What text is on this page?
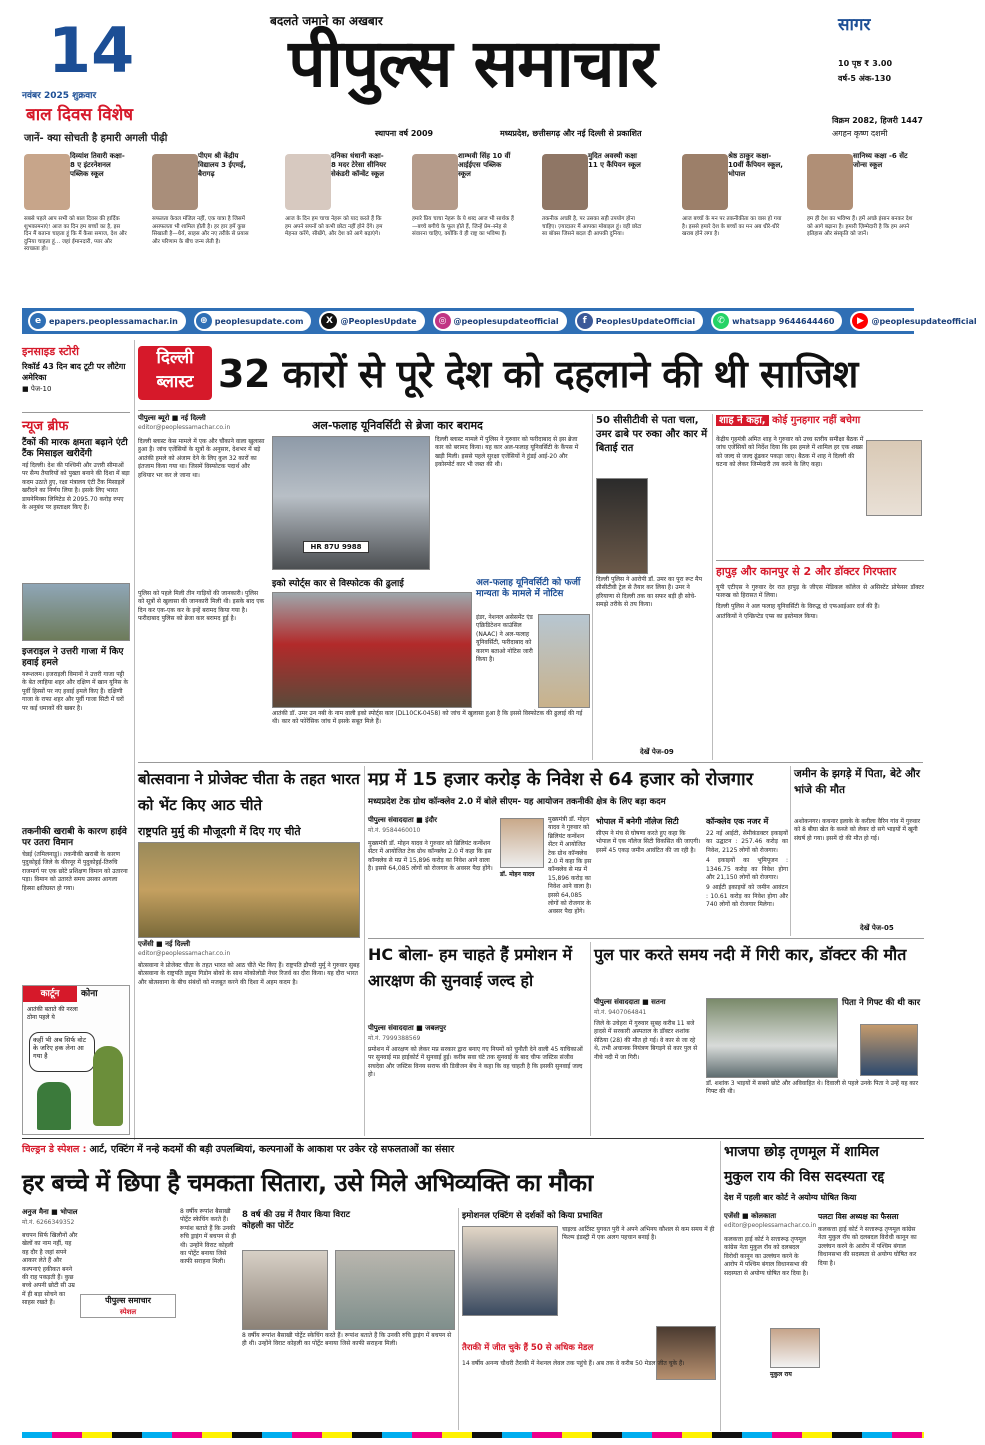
14
नवंबर 2025 शुक्रवार
बाल दिवस विशेष
जानें- क्या सोचती है हमारी अगली पीढ़ी
बदलते जमाने का अखबार
पीपुल्स समाचार
स्थापना वर्ष 2009	मध्यप्रदेश, छत्तीसगढ़ और नई दिल्ली से प्रकाशित
सागर
10 पृष्ठ ₹ 3.00
वर्ष-5 अंक-130
विक्रम 2082, हिजरी 1447
अगहन कृष्ण दशमी
दिव्यांश तिवारी कक्षा- 8 ए इंटरनेशनल पब्लिक स्कूल
सबसे पहले आप सभी को बाल दिवस की हार्दिक शुभकामनाएं! आज का दिन हम बच्चों का है, इस दिन मैं बताना चाहता हूं कि मैं कैसा समाज, देश और दुनिया चाहता हूं... जहां ईमानदारी, प्यार और स्वच्छता हो।
पीएम श्री केंद्रीय विद्यालय 3 ईएमई, बैरागढ़
सफलता केवल मंजिल नहीं, एक यात्रा है जिसमें असफलता भी शामिल होती है। हर हार हमें कुछ सिखाती है—धैर्य, साहस और नए तरीके से प्रयास और परिणाम के बीच जन्म लेती है।
दनिका धंधानी कक्षा- 8 मदर टेरेसा सीनियर सेकंडरी कॉन्वेंट स्कूल
आज के दिन हम चाचा नेहरू को याद करते हैं कि हम अपने सपनों को कभी छोटा नहीं होने देंगे। हम मेहनत करेंगे, सीखेंगे, और देश को आगे बढ़ाएंगे।
शाम्भवी सिंह 10 वीं आईईएस पब्लिक स्कूल
हमारे प्रिय चाचा नेहरू के ये शब्द आज भी सार्थक हैं—बच्चे बगीचे के फूल होते हैं, जिन्हें प्रेम–स्नेह से संवारना चाहिए, क्योंकि वे ही राष्ट्र का भविष्य हैं।
मुदित अवस्थी कक्षा 11 ए कैंपियन स्कूल
तकनीक अच्छी है, पर उसका सही उपयोग होना चाहिए। ज़्यादातर मैं आपका मोबाइल हूं। वही छोटा सा बॉक्स जिसने बदल दी आपकी दुनिया।
श्रेष्ठ ठाकुर कक्षा- 10वीं कैंपियन स्कूल, भोपाल
आज बच्चों के मन पर तकनीकीता का वास हो गया है। इससे हमारे देश के बच्चों का मन अब धीरे-धीरे खराब होने लगा है।
सानिध्य कक्षा -6 सेंट जोन्स स्कूल
हम ही देश का भविष्य हैं। हमें अच्छे इंसान बनकर देश को आगे बढ़ाना है। हमारी ज़िम्मेदारी है कि हम अपने इतिहास और संस्कृति को जानें।
e epapers.peoplessamachar.in	⊕ peoplesupdate.com	X @PeoplesUpdate	◎ @peoplesupdateofficial	f	PeoplesUpdateOfficial	✆ whatsapp 9644644460	▶ @peoplesupdateofficial
इनसाइड स्टोरी
रिकॉर्ड 43 दिन बाद टूटी पर लौटेगा अमेरिका
■ पेज-10
न्यूज ब्रीफ
टैंकों की मारक क्षमता बढ़ाने एंटी टैंक मिसाइल खरीदेंगी
नई दिल्ली। देश की पश्चिमी और उत्तरी सीमाओं पर सैन्य तैयारियों को पुख्ता बनाने की दिशा में बड़ा कदम उठाते हुए, रक्षा मंत्रालय एंटी टैंक मिसाइलें खरीदने का निर्णय लिया है। इसके लिए भारत डायनेमिक्स लिमिटेड से 2095.70 करोड़ रुपए के अनुबंध पर हस्ताक्षर किए हैं।
इजराइल ने उत्तरी गाजा में किए हवाई हमले
यरूशलम। इजराइली विमानों ने उत्तरी गाजा पट्टी के बेत लाहिया शहर और दक्षिण में खान यूनिस के पूर्वी हिस्सों पर नए हवाई हमले किए हैं। दक्षिणी गाजा के राफा शहर और पूर्वी गाजा सिटी में घरों पर कई धमाकों की खबर है।
तकनीकी खराबी के कारण हाईवे पर उतरा विमान
चेन्नई (तमिलनाडु)। तकनीकी खराबी के कारण पुदुकोट्टई जिले के कीरनूर में पुदुकोट्टई-तिरुचि राजमार्ग पर एक छोटे प्रशिक्षण विमान को उतारना पड़ा। विमान को उतारते समय उसका आगला हिस्सा क्षतिग्रस्त हो गया।
कार्टून	कोना
आतंकी बताते की नरला ठोना पहले ये
कहीं भी अब सिर्फ वोट के जरिए हक लेना आ गया है
दिल्ली
ब्लास्ट 32 कारों से पूरे देश को दहलाने की थी साजिश
पीपुल्स ब्यूरो ■ नई दिल्ली
editor@peoplessamachar.co.in
दिल्ली ब्लास्ट केस मामले में एक और चौंकाने वाला खुलासा हुआ है। जांच एजेंसियों के सूत्रों के अनुसार, देशभर में बड़े आतंकी हमले को अंजाम देने के लिए कुल 32 कारों का इंतजाम किया गया था। जिसमें विस्फोटक पदार्थ और हथियार भर कर ले जाना था।
पुलिस को पहले मिली तीन गाड़ियों की जानकारी। पुलिस को सूत्रों से खुलासा की जानकारी मिली थी। इसके बाद एक दिन कर एक-एक कर के इन्हें बरामद किया गया है। फरीदाबाद पुलिस को ब्रेजा कार बरामद हुई है।
अल-फलाह यूनिवर्सिटी से ब्रेजा कार बरामद
HR 87U 9988
दिल्ली ब्लास्ट मामले में पुलिस ने गुरुवार को फरीदाबाद से इस ब्रेजा कार को बरामद किया। यह कार अल-फलाह यूनिवर्सिटी के कैंपस में खड़ी मिली। इससे पहले सुरक्षा एजेंसियों ने हुंडई आई-20 और इकोस्पोर्ट कार भी जब्त की थी।
इको स्पोर्ट्स कार से विस्फोटक की ढुलाई
आतंकी डॉ. उमर उन नबी के नाम वाली इको स्पोर्ट्स कार (DL10CK-0458) को जांच में खुलासा हुआ है कि इससे विस्फोटक की ढुलाई की गई थी। कार को फोरेंसिक जांच में इसके सबूत मिले हैं।
अल-फलाह यूनिवर्सिटी को फर्जी मान्यता के मामले में नोटिस
इंडर, नेशनल असेसमेंट एंड एक्रिडिटेशन काउंसिल (NAAC) ने अल-फलाह यूनिवर्सिटी, फरीदाबाद को कारण बताओ नोटिस जारी किया है।
50 सीसीटीवी से पता चला, उमर ढाबे पर रुका और कार में बिताई रात
दिल्ली पुलिस ने आरोपी डॉ. उमर का पूरा रूट मैप सीसीटीवी ट्रेल से तैयार कर लिया है। उमर ने हरियाणा से दिल्ली तक का सफर बड़ी ही सोचे-समझे तरीके से तय किया।
देखें पेज-09
शाह ने कहा, कोई गुनहगार नहीं बचेगा
केंद्रीय गृहमंत्री अमित शाह ने गुरुवार को उच्च स्तरीय समीक्षा बैठक में जांच एजेंसियों को निर्देश दिया कि इस हमले में शामिल हर एक शख्स को जल्द से जल्द ढूंढकर पकड़ा जाए। बैठक में शाह ने दिल्ली की घटना को लेकर जिम्मेदारी तय करने के लिए कहा।
हापुड़ और कानपुर से 2 और डॉक्टर गिरफ्तार

यूपी एटीएस ने गुरुवार देर रात हापुड़ के जीएस मेडिकल कॉलेज से असिस्टेंट प्रोफेसर डॉक्टर फारुख को हिरासत में लिया।

दिल्ली पुलिस ने अल फलाह यूनिवर्सिटी के विरुद्ध दो एफआईआर दर्ज की हैं।

आतंकियों ने एन्क्रिप्टेड एप्स का इस्तेमाल किया।

बोत्सवाना ने प्रोजेक्ट चीता के तहत भारत को भेंट किए आठ चीते
राष्ट्रपति मुर्मु की मौजूदगी में दिए गए चीते
एजेंसी ■ नई दिल्ली
editor@peoplessamachar.co.in
बोत्सवाना ने प्रोजेक्ट चीता के तहत भारत को आठ चीते भेंट किए हैं। राष्ट्रपति द्रौपदी मुर्मु ने गुरुवार सुबह बोत्सवाना के राष्ट्रपति ड्यूमा गिडोन बोको के साथ मोकोलोडी नेचर रिजर्व का दौरा किया। यह दौरा भारत और बोत्सवाना के बीच संबंधों को मजबूत करने की दिशा में अहम कदम है।
मप्र में 15 हजार करोड़ के निवेश से 64 हजार को रोजगार
मध्यप्रदेश टेक ग्रोथ कॉन्क्लेव 2.0 में बोले सीएम- यह आयोजन तकनीकी क्षेत्र के लिए बड़ा कदम
पीपुल्स संवाददाता ■ इंदौर
मो.नं. 9584460010
मुख्यमंत्री डॉ. मोहन यादव ने गुरुवार को ब्रिलियंट कन्वेंशन सेंटर में आयोजित टेक ग्रोथ कॉन्क्लेव 2.0 में कहा कि इस कॉन्क्लेव से मप्र में 15,896 करोड़ का निवेश आने वाला है। इससे 64,085 लोगों को रोजगार के अवसर पैदा होंगे।
डॉ. मोहन यादव
मुख्यमंत्री डॉ. मोहन यादव ने गुरुवार को ब्रिलियंट कन्वेंशन सेंटर में आयोजित टेक ग्रोथ कॉन्क्लेव 2.0 में कहा कि इस कॉन्क्लेव से मप्र में 15,896 करोड़ का निवेश आने वाला है। इससे 64,085 लोगों को रोजगार के अवसर पैदा होंगे।
भोपाल में बनेगी नॉलेज सिटी
सीएम ने मंच से घोषणा करते हुए कहा कि भोपाल में एक नॉलेज सिटी विकसित की जाएगी। इसमें 45 एकड़ जमीन आवंटित की जा रही है।
कॉन्क्लेव एक नजर में

22 नई आईटी, सेमीकंडक्टर इकाइयों का उद्घाटन : 257.46 करोड़ का निवेश, 2125 लोगों को रोजगार।

4 इकाइयों का भूमिपूजन : 1346.75 करोड़ का निवेश होगा और 21,150 लोगों को रोजगार।

9 आईटी इकाइयों को जमीन आवंटन : 10.61 करोड़ का निवेश होगा और 740 लोगों को रोजगार मिलेगा।

जमीन के झगड़े में पिता, बेटे और भांजे की मौत
अशोकनगर। कचनार इलाके के करीला वैरिन गांव में गुरुवार को 8 बीघा खेत के कब्जे को लेकर दो सगे भाइयों में खूनी संघर्ष हो गया। इसमें दो की मौत हो गई।
देखें पेज-05
HC बोला- हम चाहते हैं प्रमोशन में आरक्षण की सुनवाई जल्द हो
पीपुल्स संवाददाता ■ जबलपुर
मो.नं. 7999388569
प्रमोशन में आरक्षण को लेकर मप्र सरकार द्वारा बनाए गए नियमों को चुनौती देने वाली 45 याचिकाओं पर सुनवाई मप्र हाईकोर्ट में सुनवाई हुई। करीब सवा घंटे तक सुनवाई के बाद चीफ जस्टिस संजीव सचदेवा और जस्टिस विनय सराफ की डिवीजन बेंच ने कहा कि वह चाहती है कि इसकी सुनवाई जल्द हो।
पुल पार करते समय नदी में गिरी कार, डॉक्टर की मौत
पीपुल्स संवाददाता ■ सतना
मो.नं. 9407064841
जिले के उचेहरा में गुरुवार सुबह करीब 11 बजे हादसे में सरकारी अस्पताल के डॉक्टर शशांक सेठिया (28) की मौत हो गई। वे कार से जा रहे थे, तभी अचानक नियंत्रण बिगड़ने से कार पुल से नीचे नदी में जा गिरी।
पिता ने गिफ्ट की थी कार
डॉ. शशांक 3 भाइयों में सबसे छोटे और अविवाहित थे। दिवाली से पहले उनके पिता ने उन्हें यह कार गिफ्ट की थी।
चिल्ड्रन डे स्पेशल : आर्ट, एक्टिंग में नन्हे कदमों की बड़ी उपलब्धियां, कल्पनाओं के आकाश पर उकेर रहे सफलताओं का संसार
हर बच्चे में छिपा है चमकता सितारा, उसे मिले अभिव्यक्ति का मौका
अनुज मैना ■ भोपाल
मो.नं. 6266349352
पीपुल्स समाचार
स्पेशल
बचपन सिर्फ खिलौनों और खेलों का नाम नहीं, यह वह दौर है जहां सपने आकार लेते हैं और कल्पनाएं हकीकत बनने की राह पकड़ती हैं। कुछ बच्चे अपनी छोटी सी उम्र में ही बड़ा सोचने का साहस रखते हैं।
8 वर्षीय रूपांश बैसाखी पोर्ट्रेट स्केचिंग करते हैं। रूपांश बताते हैं कि उनकी रुचि ड्राइंग में बचपन से ही थी। उन्होंने विराट कोहली का पोर्ट्रेट बनाया जिसे काफी सराहना मिली।
8 वर्ष की उम्र में तैयार किया विराट कोहली का पोर्टेट
8 वर्षीय रूपांश बैसाखी पोर्ट्रेट स्केचिंग करते हैं। रूपांश बताते हैं कि उनकी रुचि ड्राइंग में बचपन से ही थी। उन्होंने विराट कोहली का पोर्ट्रेट बनाया जिसे काफी सराहना मिली।
इमोशनल एक्टिंग से दर्शकों को किया प्रभावित
चाइल्ड आर्टिस्ट युगवत पुरी ने अपने अभिनय कौशल से कम समय में ही फिल्म इंडस्ट्री में एक अलग पहचान बनाई है।
तैराकी में जीत चुके हैं 50 से अधिक मेडल
14 वर्षीय अनन्य चौधरी तैराकी में नेशनल लेवल तक पहुंचे हैं। अब तक वे करीब 50 मेडल जीत चुके हैं।
भाजपा छोड़ तृणमूल में शामिल
मुकुल राय की विस सदस्यता रद्द
देश में पहली बार कोर्ट ने अयोग्य घोषित किया
एजेंसी ■ कोलकाता
editor@peoplessamachar.co.in
कलकत्ता हाई कोर्ट ने सत्तारूढ़ तृणमूल कांग्रेस नेता मुकुल रॉय को दलबदल विरोधी कानून का उल्लंघन करने के आरोप में पश्चिम बंगाल विधानसभा की सदस्यता से अयोग्य घोषित कर दिया है।
पलटा विस अध्यक्ष का फैसला
कलकत्ता हाई कोर्ट ने सत्तारूढ़ तृणमूल कांग्रेस नेता मुकुल रॉय को दलबदल विरोधी कानून का उल्लंघन करने के आरोप में पश्चिम बंगाल विधानसभा की सदस्यता से अयोग्य घोषित कर दिया है।
मुकुल राय
